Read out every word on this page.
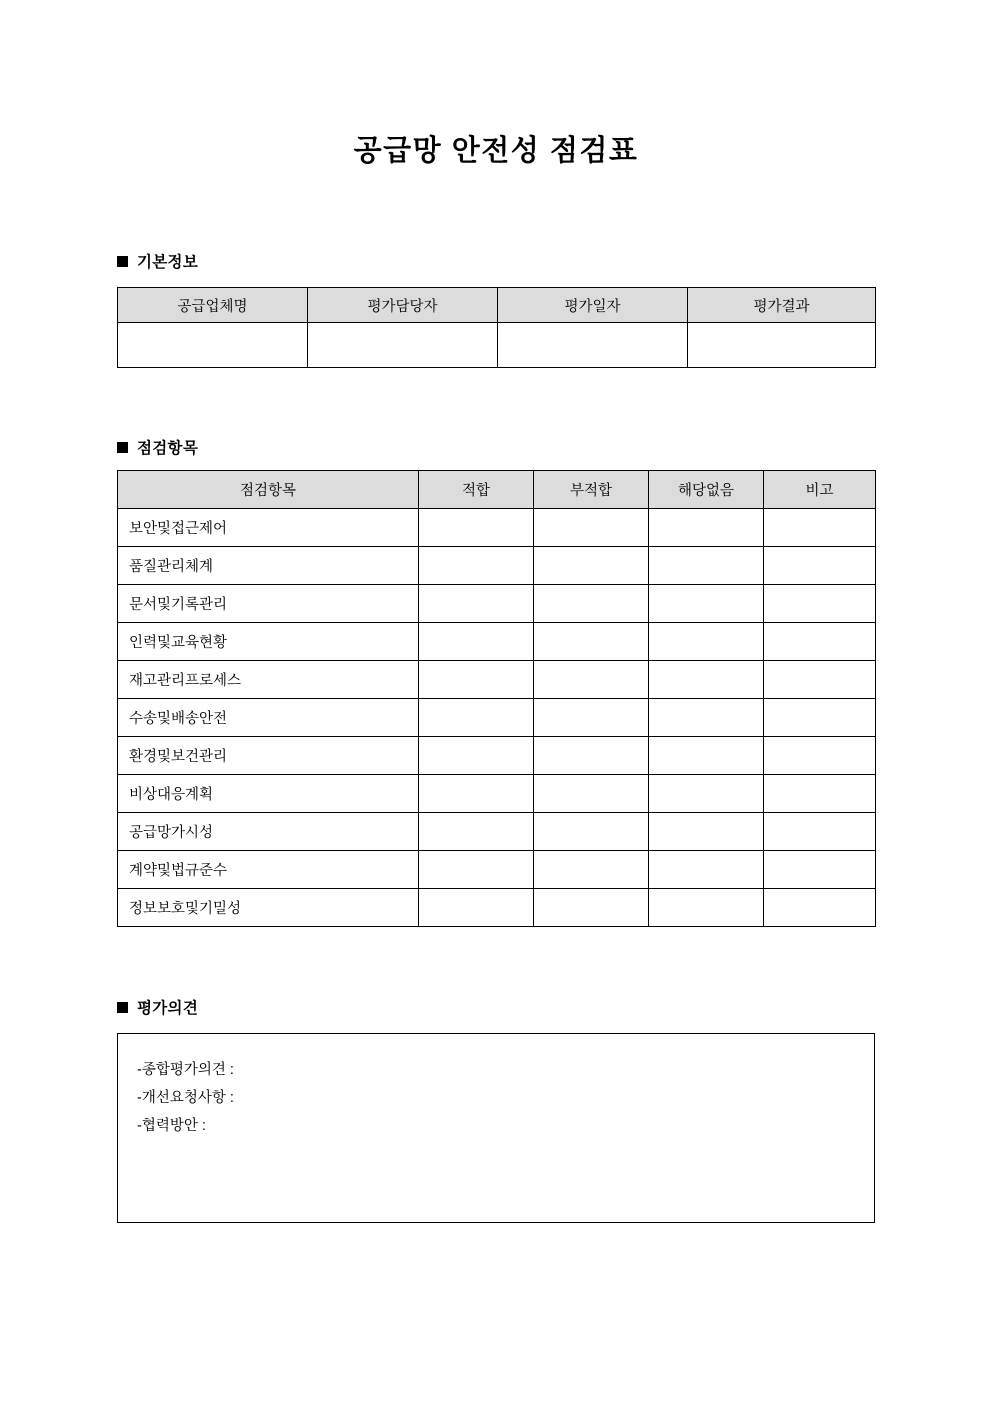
공급망 안전성 점검표
기본정보
공급업체명	평가담당자	평가일자	평가결과

점검항목
점검항목	적합	부적합	해당없음	비고
보안및접근제어				
품질관리체계				
문서및기록관리				
인력및교육현황				
재고관리프로세스				
수송및배송안전				
환경및보건관리				
비상대응계획				
공급망가시성				
계약및법규준수				
정보보호및기밀성				
평가의견
-종합평가의견 :
-개선요청사항 :
-협력방안 :
